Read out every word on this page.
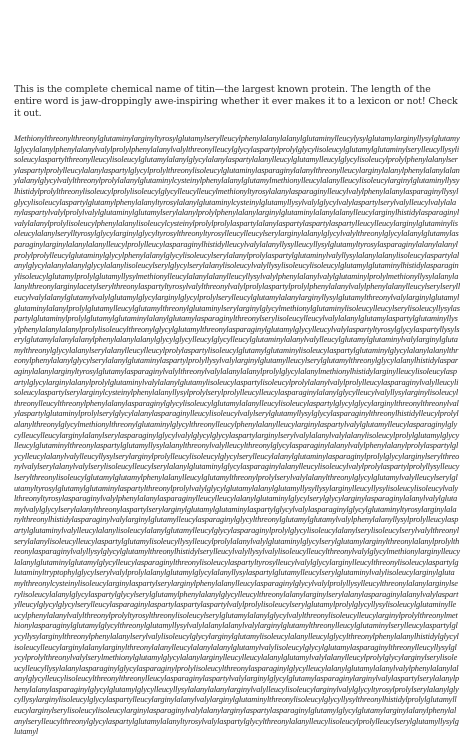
This is the complete chemical name of titin—the largest known protein. The length of the entire word is jaw-droppingly awe-inspiring whether it ever makes it to a lexicon or not! Check it out.

Methionylthreonylthreonylglutaminylarginyltyrosylglutamylserylleucylphenylalanylalanylglutaminylleucylysylglutamylarginyllysylglutamylglycylalanylphenylalanylvalylprolylphenylalanylvalylthreonylleucylglycylaspartylprolylglycylisoleucylglutamylglutaminylserylleucyllysylisoleucylaspartylthreonylleucylisoleucylglutamylalanylglycylalanylaspartylalanylleucylglutamylleucylglycylisoleucylprolylphenylalanylserylaspartylprolylleucylalanylaspartylglycylprolylthreonylisoleucylglutaminylasparaginylalanylthreonylleucylarginylalanylphenylalanylalanylalanylglycylvalylthreonylprolylalanylglutaminylcysteinylphenylalanylglutamylmethionylleucylalanylleucylisoleucylarginylglutaminyllysylhistidylprolylthreonylisoleucylprolylisoleucylglycylleucylleucylmethionyltyrosylalanylasparaginylleucylvalylphenylalanylasparaginyllysylglycylisoleucylaspartylglutamylphenylalanyltyrosylalanylglutaminylcysteinylglutamyllysylvalylglycylvalylaspartylserylvalylleucylvalylalanylaspartylvalylprolylvalylglutaminylglutamylserylalanylprolylphenylalanylarginylglutaminylalanylalanylleucylarginylhistidylasparaginylvalylalanylprolylisoleucylphenylalanylisoleucylcysteinylprolylprolylaspartylalanylaspartylaspartylaspartylleucylleucylarginylglutaminylisoleucylalanylserylltyrosylglycylarginylglycyltyrosylthreonyltyrosylleucylleucylserylarginylalanylglycylvalylthreonylglycylalanylglutamylasparaginylarginylalanylalanylleucylprolylleucylasparaginylhistidylleucylvalylalanyllysylleucyllysylglutamyltyrosylasparaginylalanylalanylprolylprolylleucylglutaminylglycylphenylalanylglycylisoleucylserylalanylprolylaspartylglutaminylvalyllysylalanylalanylisoleucylaspartylalanylglycylalanylalanylglycylalanylisoleucylserylglycylserylalanylisoleucylvalyllysylisoleucylisoleucylglutamylglutaminylhistidylasparaginylisoleucylglutamylprolylglutamyllysylmethionylleucylalanylalanylleucyllysylvalylphenylalanylvalylglutaminylprolylmethionyllysylalanylalanylthreonylarginylacetylserylthreonylaspartyltyrosylvalylthreonylvalylprolylaspartylprolylphenylalanylvalylphenylalanylleucylserylserylleucylvalylalanylglutamylvalylglutamylglycylarginylglycylprolylserylleucylglutamylalanylarginyllysylglutamylthreonylvalylarginylglutamylglutaminylalanylprolylglutamylleucylglutamylthreonylglutaminylserylarginylglycylmethionylglutaminylisoleucylleucylserylisoleucyllysylaspartylglutaminylprolylglutamylglutaminylalanylglutamylasparaginylthreonylserylisoleucylleucylvalylalanylglutamylaspartylglutaminyllysylphenylalanylalanylprolylisoleucylthreonylglycylglutamylthreonylasparaginylglutamylglycylleucylvalylaspartyltyrosylglycylaspartyllysylserylglutamylalanylalanylphenylalanylalanylglycylglycylleucylglycylleucylglutaminylalanylvalylleucylglutamylglutaminylvalylarginylglutamylthreonylglycylalanylserylalanylleucylleucylprolylaspartylisoleucylglutamylglutaminylisoleucylaspartylglutaminylglycylalanylalanylthreonylphenylalanylglycylserylalanylglutaminylaspartylprolyllysylvalylarginylglutamylleucylserylglutamylthreonylglycylalanylhistidylasparaginylalanylarginyltyrosylglutamylasparaginylvalylthreonylvalylalanylalanylprolylglycylalanylmethionylhistidylarginylleucylisoleucylaspartylglycylarginylalanylprolylglutaminylvalylalanylglutamylisoleucylaspartylisoleucylprolylalanylvalylprolylleucylasparaginylvalylleucylisoleucylaspartylserylarginylcysteinylphenylalanyllysylprolylserylprolylleucylleucylasparaginylalanylglycylleucylvalyllysylarginylisoleucylthreonylleucylthreonylphenylalanylasparaginylglycylisoleucylglutamylalanylleucylisoleucylaspartylglycylglycylarginylthreonylthreonylvalylaspartylglutaminylprolylserylglycylalanylasparaginylleucylisoleucylvalylserylglutamyllysylglycylasparaginylthreonylhistidylleucylprolylalanylthreonylglycylmethionylthreonylglutaminylglycylthreonylleucylphenylalanylleucylarginylaspartylvalylglutamylleucylasparaginylglycylleucylleucylarginylalanylserylasparaginylglycylvalylglycylglycylaspartylarginylserylvalylalanylvalylalanylisoleucylprolylglutamylglycylleucylglutaminylthreonylaspartylglutamyllysylalanylthreonylvalylleucylthreonylglycylasparaginylalanylvalylphenylalanylprolylaspartylglycylleucylalanylvalylleucyllysylserylarginylprolylleucylisoleucylglycylserylleucylalanylglutaminylasparaginylprolylglycylarginylserylthreonylvalylserylalanylvalylserylisoleucylleucylserylalanylglutaminylglycylasparaginylalanylleucylisoleucylvalylprolylaspartylprolyllysylleucylserylthreonylisoleucylglutamylglutamylphenylalanylleucylglutamylthreonylprolylserylvalylalanylthreonylglycylglutamylvalylleucylserylglutamyltyrosylglutamylglutaminylaspartylthreonylprolylvalylglycylglutamylalanylglutamyllysyllysylarginylleucyllysylisoleucylisoleucylvalylthreonyltyrosylasparaginylvalylphenylalanylasparaginylleucylleucylalanylglutaminylglycylserylglycylarginylasparaginylalanylvalylglutamylvalylglycylserylalanylthreonylaspartylserylarginylglutamylglutaminylaspartylglycylvalylasparaginylglycylglutaminyltyrosylarginylalanylthreonylhistidylasparaginylvalylarginylglutamylleucylasparaginylglycylthreonylglutamylglutamylvalylphenylalanyllysylprolylleucylaspartylglutaminylvalylleucylalanylisoleucylalanylglutamylleucylglycylasparaginylprolylglycylisoleucylalanylserylisoleucylserylvalylthreonylserylalanylisoleucylleucylaspartylglutamylisoleucyllysylleucylprolylalanylvalylglutaminylglycylserylglutamylarginylthreonylalanylprolylthreonylasparaginylvalyllysylglycylglutamylthreonylhistidylserylleucylvalyllysylvalylisoleucylleucylthreonylvalylglycylmethionylarginylleucylalanylglutaminylglutamylglycylleucylasparaginylthreonylisoleucylaspartyltyrosylleucylvalylglycylarginylleucylthreonylisoleucylaspartylglutaminyltryptophylglycylserylvalylprolylalanylglutamylglycylalanyllysylaspartylglutamylleucylserylglutaminylvalylisoleucylarginylglutamylthreonylcysteinylisoleucylarginylaspartylserylarginylphenylalanylleucylasparaginylglycylvalylprolyllysylleucylthreonylalanylarginylserylisoleucylalanylglycylaspartylglycylserylglutamylphenylalanylglycylleucylthreonylalanylarginylserylalanylasparaginylalanylvalylaspartylleucylglycylglycylserylleucylasparaginylaspartylaspartylaspartylvalylprolylisoleucylserylglutamylprolylglycyllysylisoleucylglutaminylleucylphenylalanylvalylthreonylprolyltyrosylthreonylisoleucylserylglutamylalanylglycylvalylthreonylisoleucylleucylarginylprolylthreonylmethionylasparaginylglutamylglycylthreonylglutamyllysylvalylalanylalanylvalylarginylglutamylthreonylleucylglutaminylserylleucylaspartylglycyllysylarginylthreonylphenylalanylserylvalylisoleucylglycylarginylglutamylisoleucylalanylleucylglycylthreonylphenylalanylhistidylglycylisoleucylleucylarginylalanylarginylthreonylalanylleucylalanylalanylglutamylvalylisoleucylglycylglutamylasparaginylthreonylleucyllysylglycylprolylthreonylvalylserylmethionylglutamylglycylalanylarginylleucylleucylalanylglutamylvalylalanylleucylprolylglycylarginylserylisoleucylleucyllysylalanylasparaginylglycylasparaginylprolylisoleucylthreonylasparaginylglycylleucylalanylglutamylalanylvalylphenylalanylalanylglycylleucylisoleucylthreonylthreonylleucylasparaginylaspartylvalylarginylglycylglutamylasparaginylarginylvalylaspartylserylalanylphenylalanylasparaginylglycylglutamylglycylleucyllysylalanylalanylarginylvalylleucylisoleucylarginylvalylglycyltyrosylprolylserylalanylglycyllysylarginylisoleucylglycylaspartylleucylarginylalanylvalylarginylglutaminylthreonylisoleucylglycyllysylthreonylhistidylprolylglutamylleucylarginylserylisoleucylisoleucylarginylasparaginylvalylalanylarginylaspartylasparaginylglutamylglycylglutamylarginylalanylphenylalanylserylleucylthreonylglycylaspartylglutamylalanyltyrosylvalylaspartylglycylthreonylalanylleucylisoleucylprolylleucylserylglutamyllysylglutamyl
